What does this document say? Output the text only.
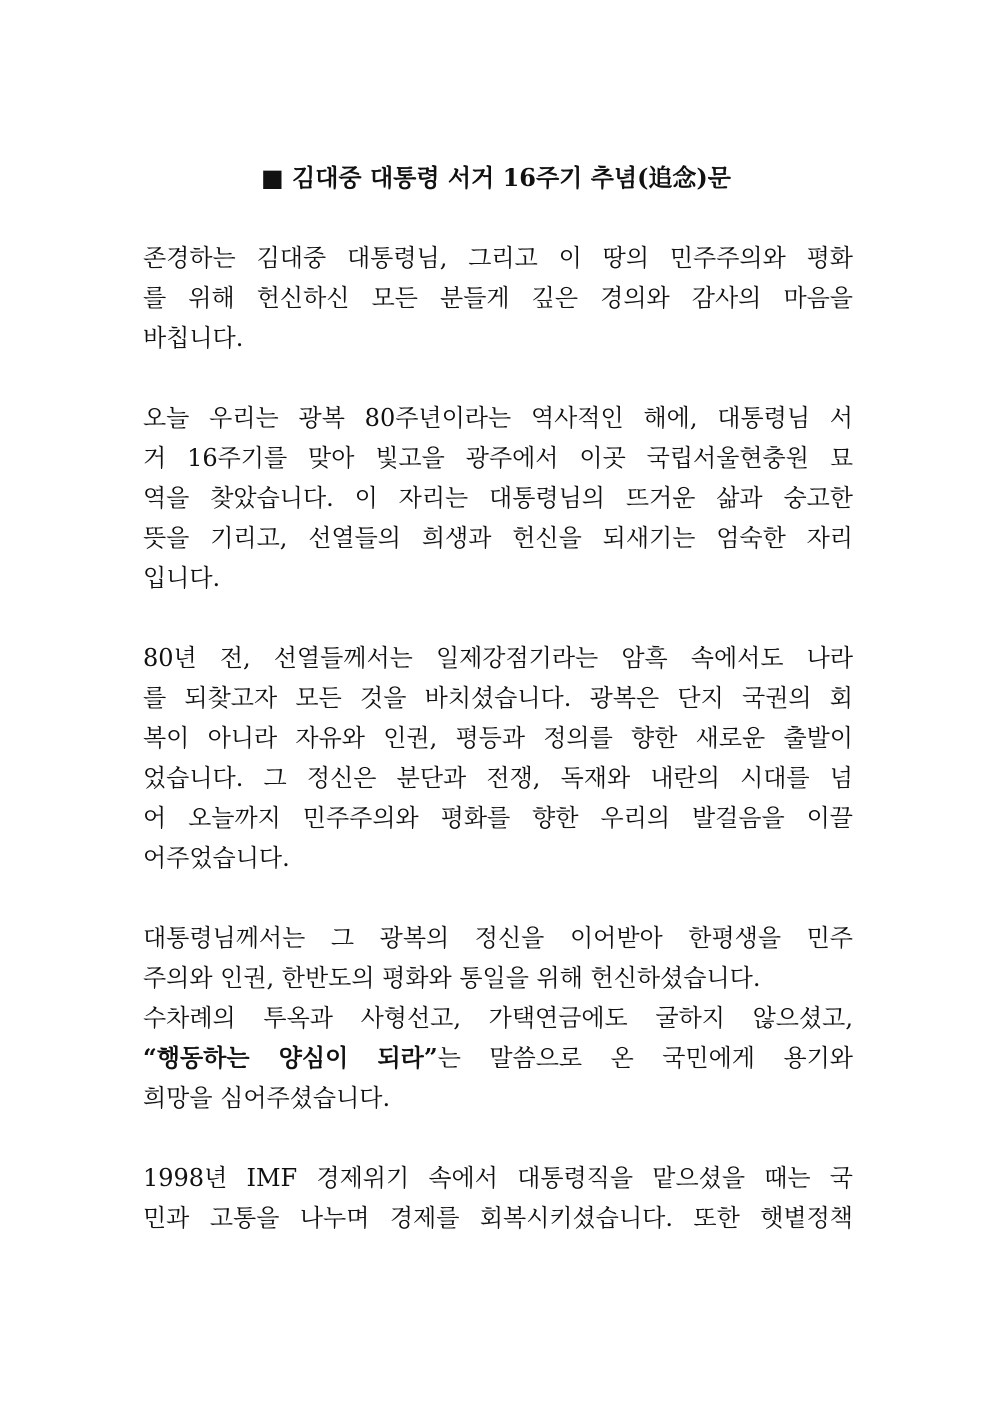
■ 김대중 대통령 서거 16주기 추념(追念)문
존경하는 김대중 대통령님, 그리고 이 땅의 민주주의와 평화
를 위해 헌신하신 모든 분들게 깊은 경의와 감사의 마음을
바칩니다.
오늘 우리는 광복 80주년이라는 역사적인 해에, 대통령님 서
거 16주기를 맞아 빛고을 광주에서 이곳 국립서울현충원 묘
역을 찾았습니다. 이 자리는 대통령님의 뜨거운 삶과 숭고한
뜻을 기리고, 선열들의 희생과 헌신을 되새기는 엄숙한 자리
입니다.
80년 전, 선열들께서는 일제강점기라는 암흑 속에서도 나라
를 되찾고자 모든 것을 바치셨습니다. 광복은 단지 국권의 회
복이 아니라 자유와 인권, 평등과 정의를 향한 새로운 출발이
었습니다. 그 정신은 분단과 전쟁, 독재와 내란의 시대를 넘
어 오늘까지 민주주의와 평화를 향한 우리의 발걸음을 이끌
어주었습니다.
대통령님께서는 그 광복의 정신을 이어받아 한평생을 민주
주의와 인권, 한반도의 평화와 통일을 위해 헌신하셨습니다.
수차례의 투옥과 사형선고, 가택연금에도 굴하지 않으셨고,
“행동하는 양심이 되라”는 말씀으로 온 국민에게 용기와
희망을 심어주셨습니다.
1998년 IMF 경제위기 속에서 대통령직을 맡으셨을 때는 국
민과 고통을 나누며 경제를 회복시키셨습니다. 또한 햇볕정책
